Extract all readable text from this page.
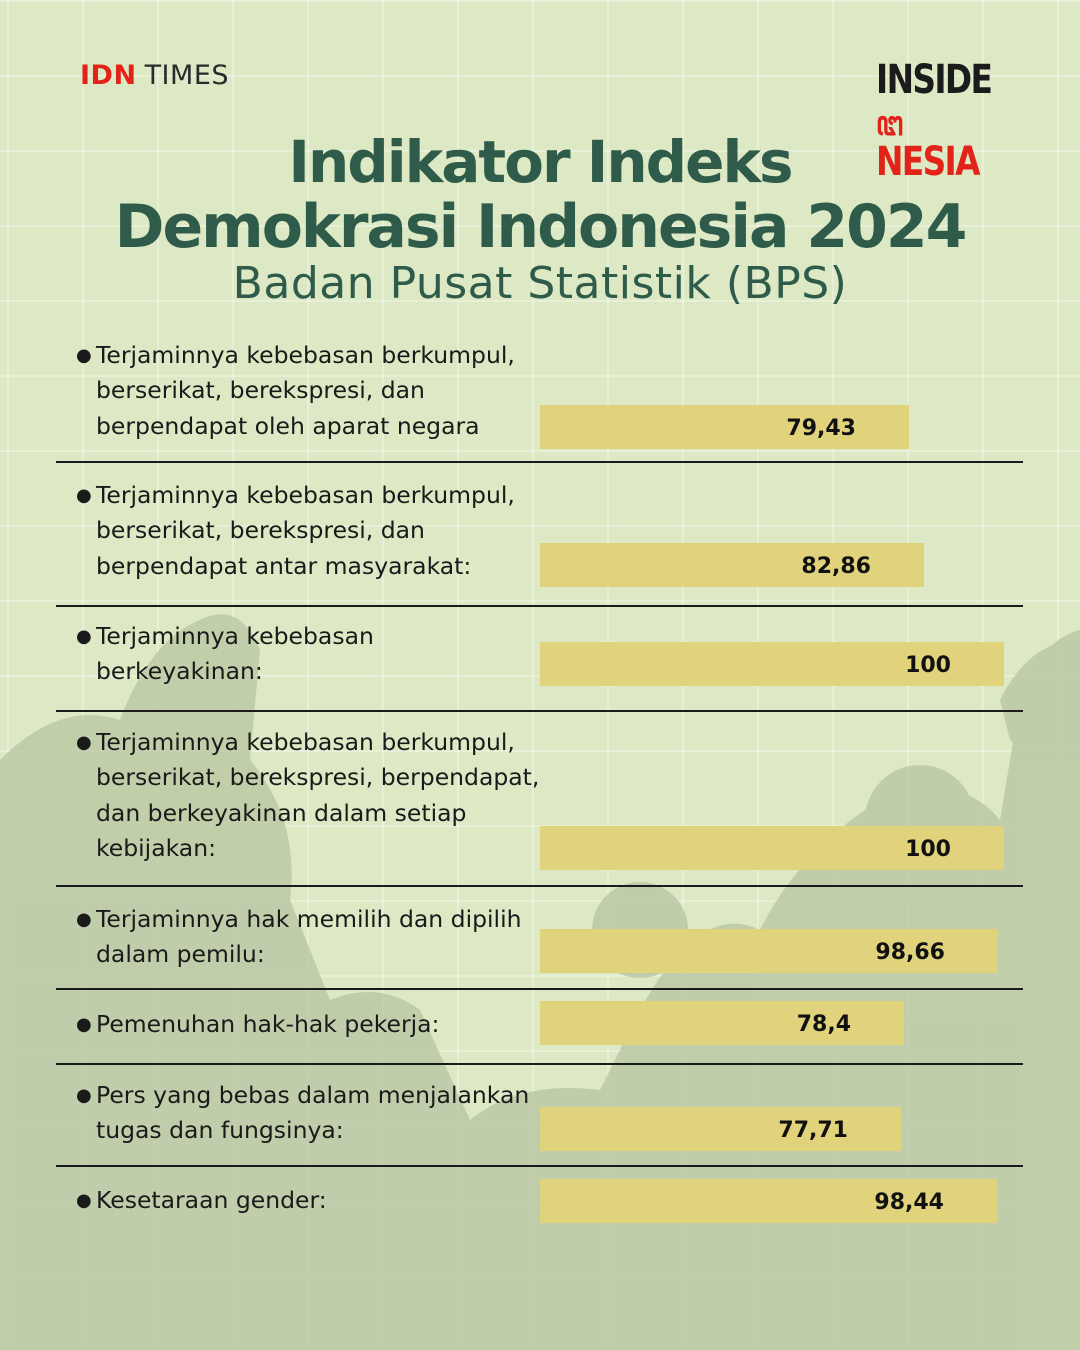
IDN TIMES	INSIDE
ꦔNESIA
Indikator Indeks
Demokrasi Indonesia 2024
Badan Pusat Statistik (BPS)
● Terjaminnya kebebasan berkumpul, berserikat, berekspresi, dan berpendapat oleh aparat negara	79,43
● Terjaminnya kebebasan berkumpul, berserikat, berekspresi, dan berpendapat antar masyarakat:	82,86
● Terjaminnya kebebasan berkeyakinan:	100
● Terjaminnya kebebasan berkumpul, berserikat, berekspresi, berpendapat, dan berkeyakinan dalam setiap kebijakan:	100
● Terjaminnya hak memilih dan dipilih dalam pemilu:	98,66
● Pemenuhan hak-hak pekerja:	78,4
● Pers yang bebas dalam menjalankan tugas dan fungsinya:	77,71
● Kesetaraan gender:	98,44
